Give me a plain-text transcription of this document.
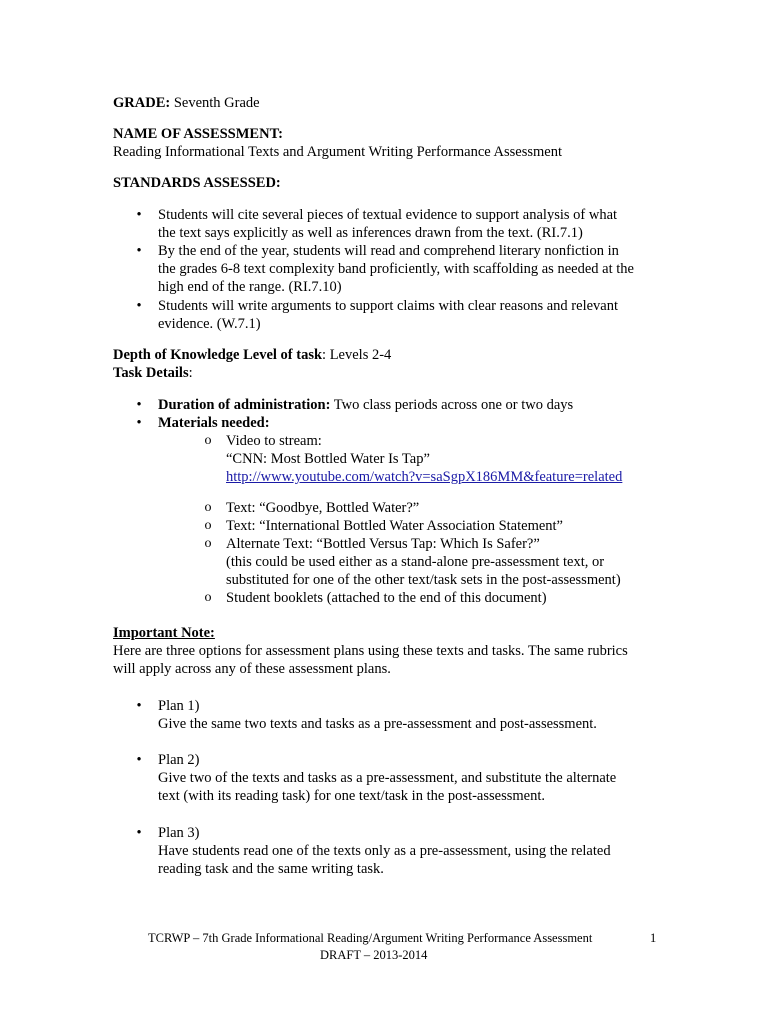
GRADE: Seventh Grade
NAME OF ASSESSMENT:
Reading Informational Texts and Argument Writing Performance Assessment
STANDARDS ASSESSED:
• Students will cite several pieces of textual evidence to support analysis of what
the text says explicitly as well as inferences drawn from the text. (RI.7.1)
• By the end of the year, students will read and comprehend literary nonfiction in
the grades 6-8 text complexity band proficiently, with scaffolding as needed at the
high end of the range. (RI.7.10)
• Students will write arguments to support claims with clear reasons and relevant
evidence. (W.7.1)
Depth of Knowledge Level of task: Levels 2-4
Task Details:
• Duration of administration: Two class periods across one or two days
• Materials needed:
o Video to stream:
“CNN: Most Bottled Water Is Tap”
http://www.youtube.com/watch?v=saSgpX186MM&feature=related
o Text: “Goodbye, Bottled Water?”
o Text: “International Bottled Water Association Statement”
o Alternate Text: “Bottled Versus Tap: Which Is Safer?”
(this could be used either as a stand-alone pre-assessment text, or
substituted for one of the other text/task sets in the post-assessment)
o Student booklets (attached to the end of this document)
Important Note:
Here are three options for assessment plans using these texts and tasks. The same rubrics
will apply across any of these assessment plans.
• Plan 1)
Give the same two texts and tasks as a pre-assessment and post-assessment.
• Plan 2)
Give two of the texts and tasks as a pre-assessment, and substitute the alternate
text (with its reading task) for one text/task in the post-assessment.
• Plan 3)
Have students read one of the texts only as a pre-assessment, using the related
reading task and the same writing task.
TCRWP – 7th Grade Informational Reading/Argument Writing Performance Assessment	1
DRAFT – 2013-2014
